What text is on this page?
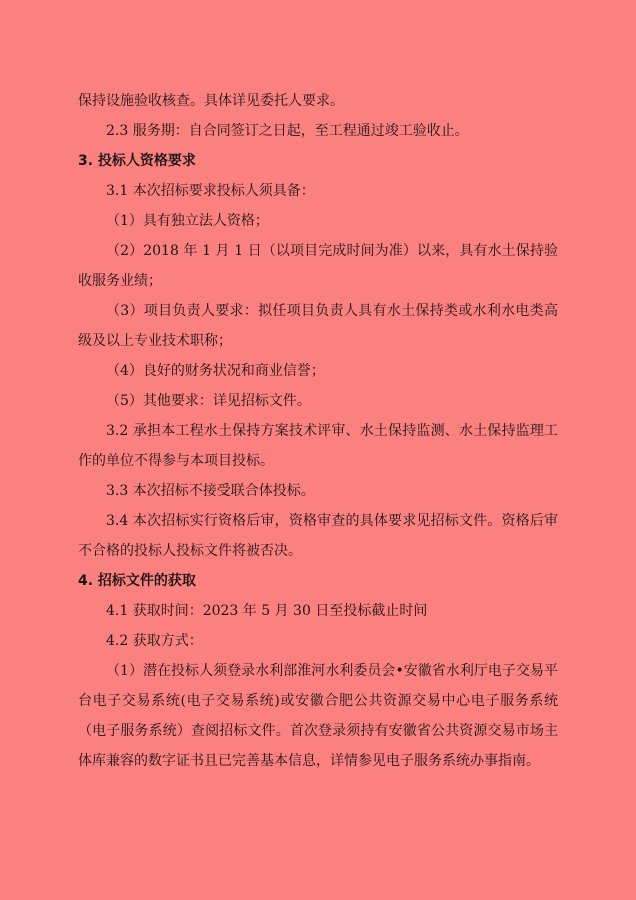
保持设施验收核查。具体详见委托人要求。

2.3 服务期：自合同签订之日起，至工程通过竣工验收止。

3. 投标人资格要求

3.1 本次招标要求投标人须具备：

（1）具有独立法人资格；

（2）2018 年 1 月 1 日（以项目完成时间为准）以来，具有水土保持验收服务业绩；

（3）项目负责人要求：拟任项目负责人具有水土保持类或水利水电类高级及以上专业技术职称；

（4）良好的财务状况和商业信誉；

（5）其他要求：详见招标文件。

3.2 承担本工程水土保持方案技术评审、水土保持监测、水土保持监理工作的单位不得参与本项目投标。

3.3 本次招标不接受联合体投标。

3.4 本次招标实行资格后审，资格审查的具体要求见招标文件。资格后审不合格的投标人投标文件将被否决。

4. 招标文件的获取

4.1 获取时间：2023 年 5 月 30 日至投标截止时间

4.2 获取方式：

（1）潜在投标人须登录水利部淮河水利委员会•安徽省水利厅电子交易平台电子交易系统(电子交易系统)或安徽合肥公共资源交易中心电子服务系统（电子服务系统）查阅招标文件。首次登录须持有安徽省公共资源交易市场主体库兼容的数字证书且已完善基本信息，详情参见电子服务系统办事指南。
